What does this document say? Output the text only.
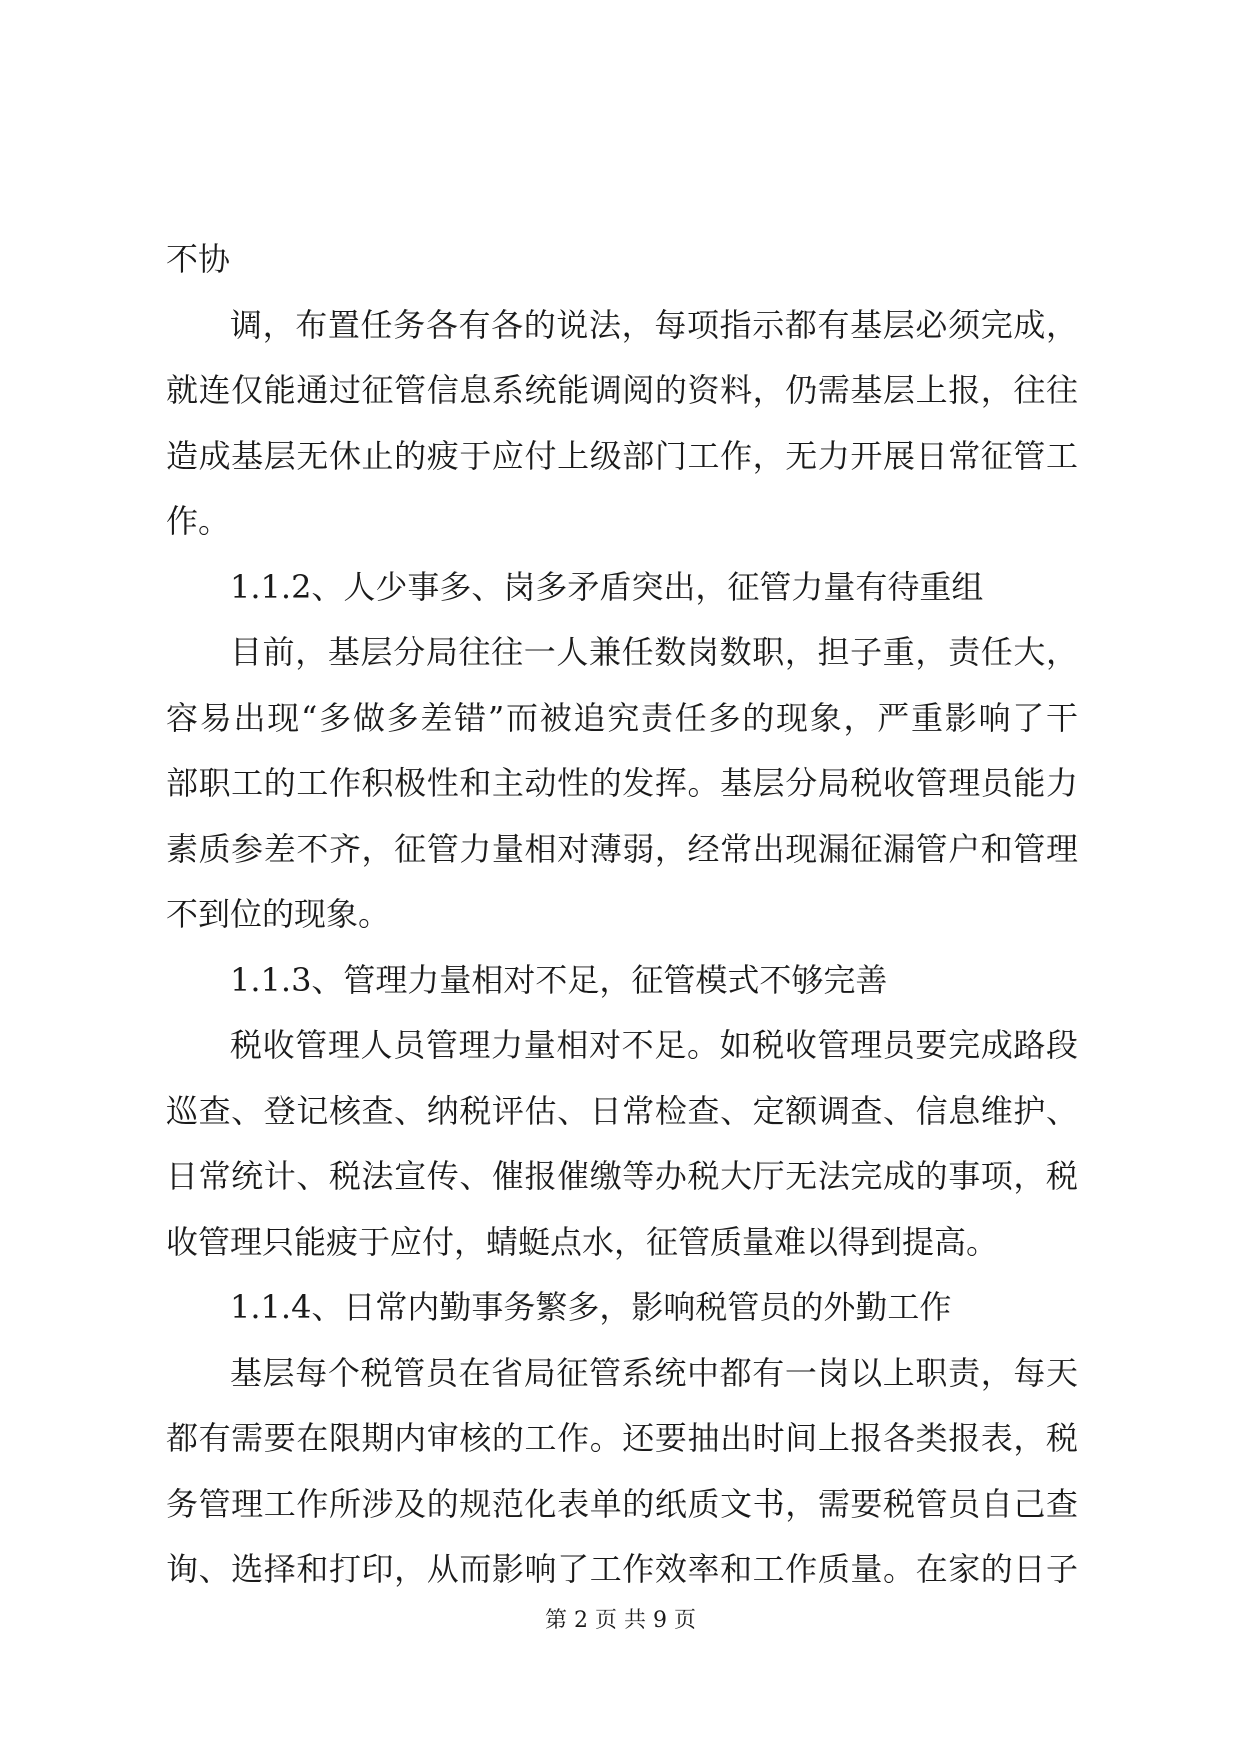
不协
调，布置任务各有各的说法，每项指示都有基层必须完成，
就连仅能通过征管信息系统能调阅的资料，仍需基层上报，往往
造成基层无休止的疲于应付上级部门工作，无力开展日常征管工
作。
1.1.2、人少事多、岗多矛盾突出，征管力量有待重组
目前，基层分局往往一人兼任数岗数职，担子重，责任大，
容易出现“多做多差错”而被追究责任多的现象，严重影响了干
部职工的工作积极性和主动性的发挥。基层分局税收管理员能力
素质参差不齐，征管力量相对薄弱，经常出现漏征漏管户和管理
不到位的现象。
1.1.3、管理力量相对不足，征管模式不够完善
税收管理人员管理力量相对不足。如税收管理员要完成路段
巡查、登记核查、纳税评估、日常检查、定额调查、信息维护、
日常统计、税法宣传、催报催缴等办税大厅无法完成的事项，税
收管理只能疲于应付，蜻蜓点水，征管质量难以得到提高。
1.1.4、日常内勤事务繁多，影响税管员的外勤工作
基层每个税管员在省局征管系统中都有一岗以上职责，每天
都有需要在限期内审核的工作。还要抽出时间上报各类报表，税
务管理工作所涉及的规范化表单的纸质文书，需要税管员自己查
询、选择和打印，从而影响了工作效率和工作质量。在家的日子
第 2 页 共 9 页
